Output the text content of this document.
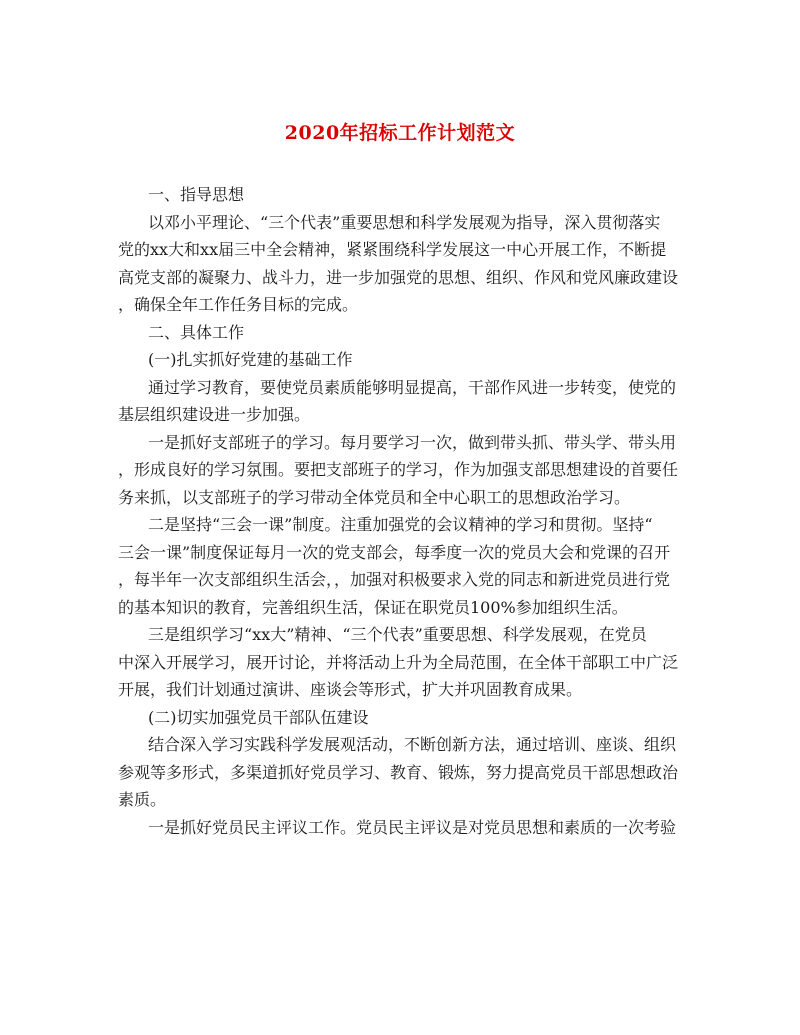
2020年招标工作计划范文
一、指导思想
以邓小平理论、“三个代表”重要思想和科学发展观为指导，深入贯彻落实
党的xx大和xx届三中全会精神，紧紧围绕科学发展这一中心开展工作，不断提
高党支部的凝聚力、战斗力，进一步加强党的思想、组织、作风和党风廉政建设
，确保全年工作任务目标的完成。
二、具体工作
(一)扎实抓好党建的基础工作
通过学习教育，要使党员素质能够明显提高，干部作风进一步转变，使党的
基层组织建设进一步加强。
一是抓好支部班子的学习。每月要学习一次，做到带头抓、带头学、带头用
，形成良好的学习氛围。要把支部班子的学习，作为加强支部思想建设的首要任
务来抓，以支部班子的学习带动全体党员和全中心职工的思想政治学习。
二是坚持“三会一课”制度。注重加强党的会议精神的学习和贯彻。坚持“
三会一课”制度保证每月一次的党支部会，每季度一次的党员大会和党课的召开
，每半年一次支部组织生活会，，加强对积极要求入党的同志和新进党员进行党
的基本知识的教育，完善组织生活，保证在职党员100%参加组织生活。
三是组织学习“xx大”精神、“三个代表”重要思想、科学发展观，在党员
中深入开展学习，展开讨论，并将活动上升为全局范围，在全体干部职工中广泛
开展，我们计划通过演讲、座谈会等形式，扩大并巩固教育成果。
(二)切实加强党员干部队伍建设
结合深入学习实践科学发展观活动，不断创新方法，通过培训、座谈、组织
参观等多形式，多渠道抓好党员学习、教育、锻炼，努力提高党员干部思想政治
素质。
一是抓好党员民主评议工作。党员民主评议是对党员思想和素质的一次考验
